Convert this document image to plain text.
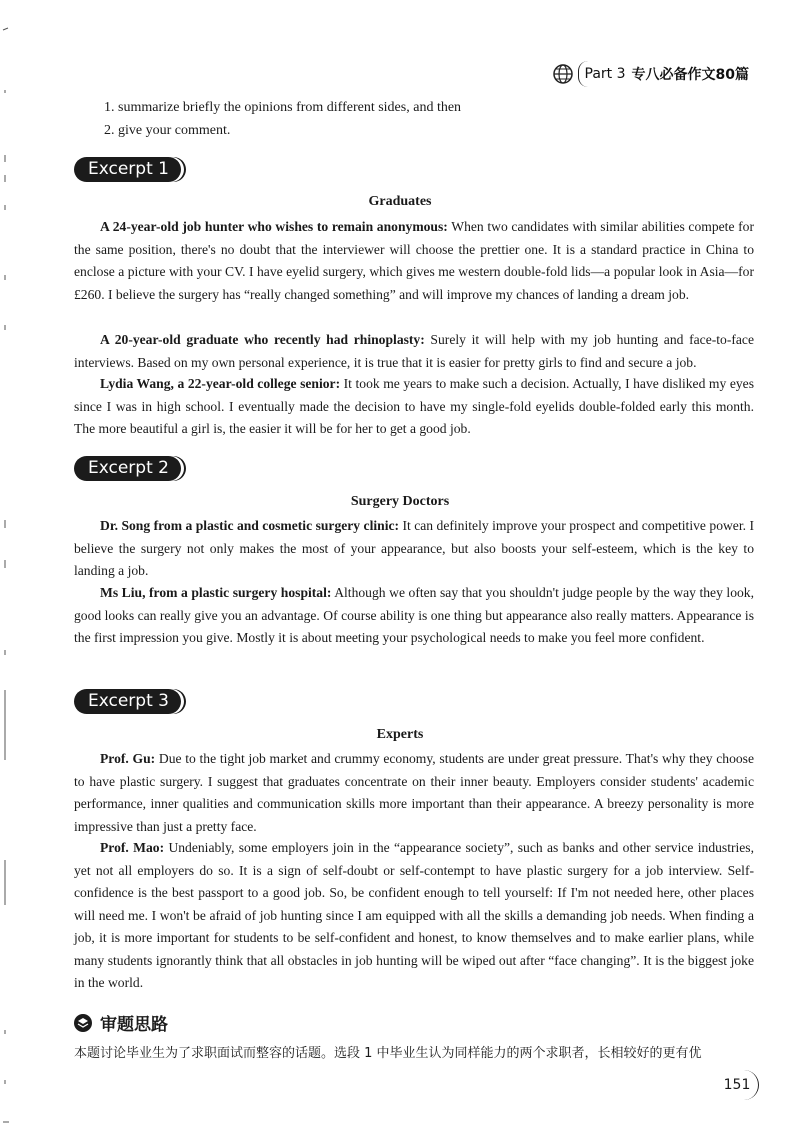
Part 3 专八必备作文80篇
1. summarize briefly the opinions from different sides, and then
2. give your comment.
Excerpt 1
Graduates
A 24-year-old job hunter who wishes to remain anonymous: When two candidates with similar abilities compete for the same position, there's no doubt that the interviewer will choose the prettier one. It is a standard practice in China to enclose a picture with your CV. I have eyelid surgery, which gives me western double-fold lids—a popular look in Asia—for £260. I believe the surgery has “really changed something” and will improve my chances of landing a dream job.
A 20-year-old graduate who recently had rhinoplasty: Surely it will help with my job hunting and face-to-face interviews. Based on my own personal experience, it is true that it is easier for pretty girls to find and secure a job.
Lydia Wang, a 22-year-old college senior: It took me years to make such a decision. Actually, I have disliked my eyes since I was in high school. I eventually made the decision to have my single-fold eyelids double-folded early this month. The more beautiful a girl is, the easier it will be for her to get a good job.
Excerpt 2
Surgery Doctors
Dr. Song from a plastic and cosmetic surgery clinic: It can definitely improve your prospect and competitive power. I believe the surgery not only makes the most of your appearance, but also boosts your self-esteem, which is the key to landing a job.
Ms Liu, from a plastic surgery hospital: Although we often say that you shouldn't judge people by the way they look, good looks can really give you an advantage. Of course ability is one thing but appearance also really matters. Appearance is the first impression you give. Mostly it is about meeting your psychological needs to make you feel more confident.
Excerpt 3
Experts
Prof. Gu: Due to the tight job market and crummy economy, students are under great pressure. That's why they choose to have plastic surgery. I suggest that graduates concentrate on their inner beauty. Employers consider students' academic performance, inner qualities and communication skills more important than their appearance. A breezy personality is more impressive than just a pretty face.
Prof. Mao: Undeniably, some employers join in the “appearance society”, such as banks and other service industries, yet not all employers do so. It is a sign of self-doubt or self-contempt to have plastic surgery for a job interview. Self-confidence is the best passport to a good job. So, be confident enough to tell yourself: If I'm not needed here, other places will need me. I won't be afraid of job hunting since I am equipped with all the skills a demanding job needs. When finding a job, it is more important for students to be self-confident and honest, to know themselves and to make earlier plans, while many students ignorantly think that all obstacles in job hunting will be wiped out after “face changing”. It is the biggest joke in the world.
审题思路
本题讨论毕业生为了求职面试而整容的话题。选段 1 中毕业生认为同样能力的两个求职者，长相较好的更有优
151
